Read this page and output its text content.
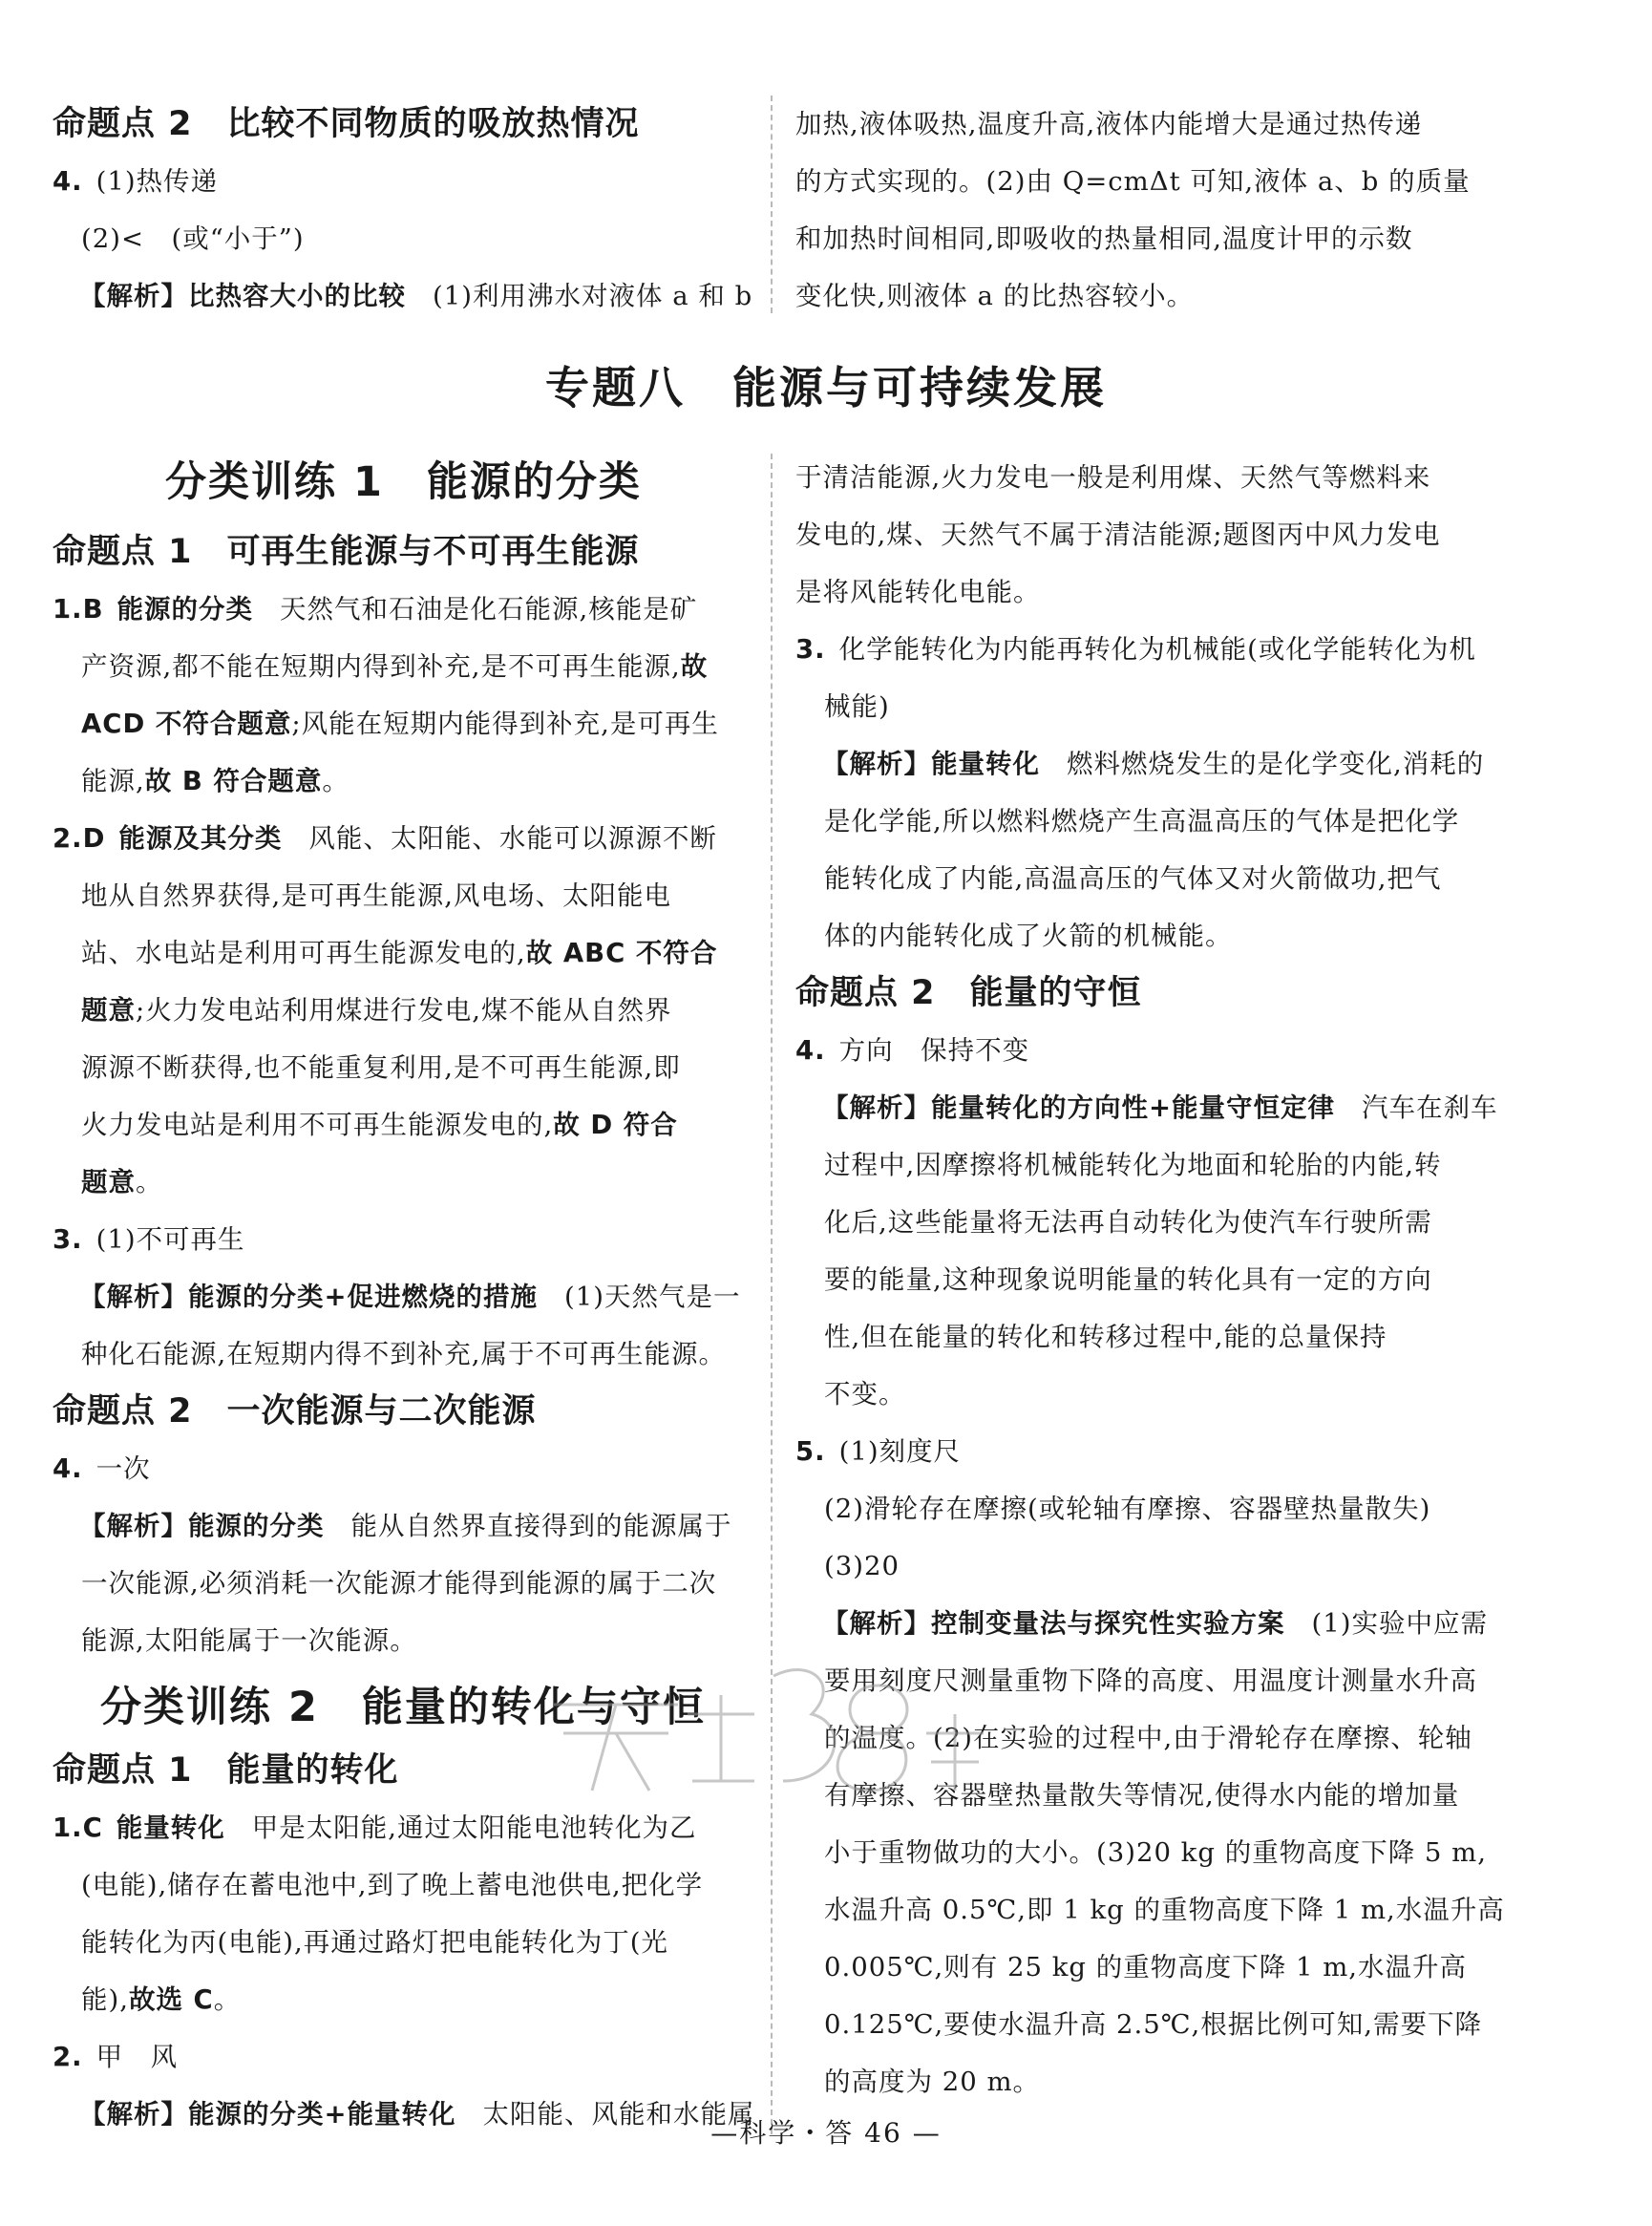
命题点 2　比较不同物质的吸放热情况
4. (1)热传递
(2)<　(或“小于”)
【解析】比热容大小的比较 (1)利用沸水对液体 a 和 b
加热,液体吸热,温度升高,液体内能增大是通过热传递
的方式实现的。(2)由 Q=cmΔt 可知,液体 a、b 的质量
和加热时间相同,即吸收的热量相同,温度计甲的示数
变化快,则液体 a 的比热容较小。
专题八　能源与可持续发展
分类训练 1　能源的分类
命题点 1　可再生能源与不可再生能源
1.B 能源的分类 天然气和石油是化石能源,核能是矿
产资源,都不能在短期内得到补充,是不可再生能源,故
ACD 不符合题意;风能在短期内能得到补充,是可再生
能源,故 B 符合题意。
2.D 能源及其分类 风能、太阳能、水能可以源源不断
地从自然界获得,是可再生能源,风电场、太阳能电
站、水电站是利用可再生能源发电的,故 ABC 不符合
题意;火力发电站利用煤进行发电,煤不能从自然界
源源不断获得,也不能重复利用,是不可再生能源,即
火力发电站是利用不可再生能源发电的,故 D 符合
题意。
3. (1)不可再生
【解析】能源的分类+促进燃烧的措施 (1)天然气是一
种化石能源,在短期内得不到补充,属于不可再生能源。
命题点 2　一次能源与二次能源
4. 一次
【解析】能源的分类 能从自然界直接得到的能源属于
一次能源,必须消耗一次能源才能得到能源的属于二次
能源,太阳能属于一次能源。
分类训练 2　能量的转化与守恒
命题点 1　能量的转化
1.C 能量转化 甲是太阳能,通过太阳能电池转化为乙
(电能),储存在蓄电池中,到了晚上蓄电池供电,把化学
能转化为丙(电能),再通过路灯把电能转化为丁(光
能),故选 C。
2. 甲　风
【解析】能源的分类+能量转化 太阳能、风能和水能属
于清洁能源,火力发电一般是利用煤、天然气等燃料来
发电的,煤、天然气不属于清洁能源;题图丙中风力发电
是将风能转化电能。
3. 化学能转化为内能再转化为机械能(或化学能转化为机
械能)
【解析】能量转化 燃料燃烧发生的是化学变化,消耗的
是化学能,所以燃料燃烧产生高温高压的气体是把化学
能转化成了内能,高温高压的气体又对火箭做功,把气
体的内能转化成了火箭的机械能。
命题点 2　能量的守恒
4. 方向　保持不变
【解析】能量转化的方向性+能量守恒定律 汽车在刹车
过程中,因摩擦将机械能转化为地面和轮胎的内能,转
化后,这些能量将无法再自动转化为使汽车行驶所需
要的能量,这种现象说明能量的转化具有一定的方向
性,但在能量的转化和转移过程中,能的总量保持
不变。
5. (1)刻度尺
(2)滑轮存在摩擦(或轮轴有摩擦、容器壁热量散失)
(3)20
【解析】控制变量法与探究性实验方案 (1)实验中应需
要用刻度尺测量重物下降的高度、用温度计测量水升高
的温度。(2)在实验的过程中,由于滑轮存在摩擦、轮轴
有摩擦、容器壁热量散失等情况,使得水内能的增加量
小于重物做功的大小。(3)20 kg 的重物高度下降 5 m,
水温升高 0.5℃,即 1 kg 的重物高度下降 1 m,水温升高
0.005℃,则有 25 kg 的重物高度下降 1 m,水温升高
0.125℃,要使水温升高 2.5℃,根据比例可知,需要下降
的高度为 20 m。
—科学・答 46 —
